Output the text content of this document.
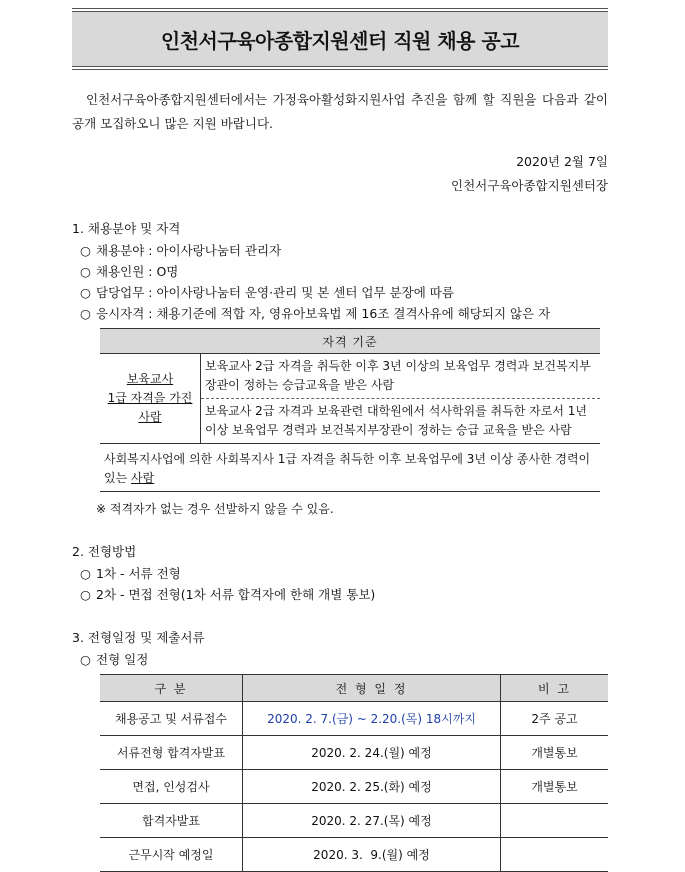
인천서구육아종합지원센터 직원 채용 공고
인천서구육아종합지원센터에서는 가정육아활성화지원사업 추진을 함께 할 직원을 다음과 같이 공개 모집하오니 많은 지원 바랍니다.
2020년 2월 7일
인천서구육아종합지원센터장
1. 채용분야 및 자격
○ 채용분야 : 아이사랑나눔터 관리자
○ 채용인원 : O명
○ 담당업무 : 아이사랑나눔터 운영·관리 및 본 센터 업무 분장에 따름
○ 응시자격 : 채용기준에 적합 자, 영유아보육법 제 16조 결격사유에 해당되지 않은 자
자격 기준
보육교사
1급 자격을 가진
사람	보육교사 2급 자격을 취득한 이후 3년 이상의 보육업무 경력과 보건복지부장관이 정하는 승급교육을 받은 사람
보육교사 2급 자격과 보육관련 대학원에서 석사학위를 취득한 자로서 1년 이상 보육업무 경력과 보건복지부장관이 정하는 승급 교육을 받은 사람
사회복지사업에 의한 사회복지사 1급 자격을 취득한 이후 보육업무에 3년 이상 종사한 경력이 있는 사람
※ 적격자가 없는 경우 선발하지 않을 수 있음.
2. 전형방법
○ 1차 - 서류 전형
○ 2차 - 면접 전형(1차 서류 합격자에 한해 개별 통보)
3. 전형일정 및 제출서류
○ 전형 일정
구 분	전 형 일 정	비 고
채용공고 및 서류접수	2020. 2. 7.(금) ~ 2.20.(목) 18시까지	2주 공고
서류전형 합격자발표	2020. 2. 24.(월) 예정	개별통보
면접, 인성검사	2020. 2. 25.(화) 예정	개별통보
합격자발표	2020. 2. 27.(목) 예정	
근무시작 예정일	2020. 3.  9.(월) 예정	
